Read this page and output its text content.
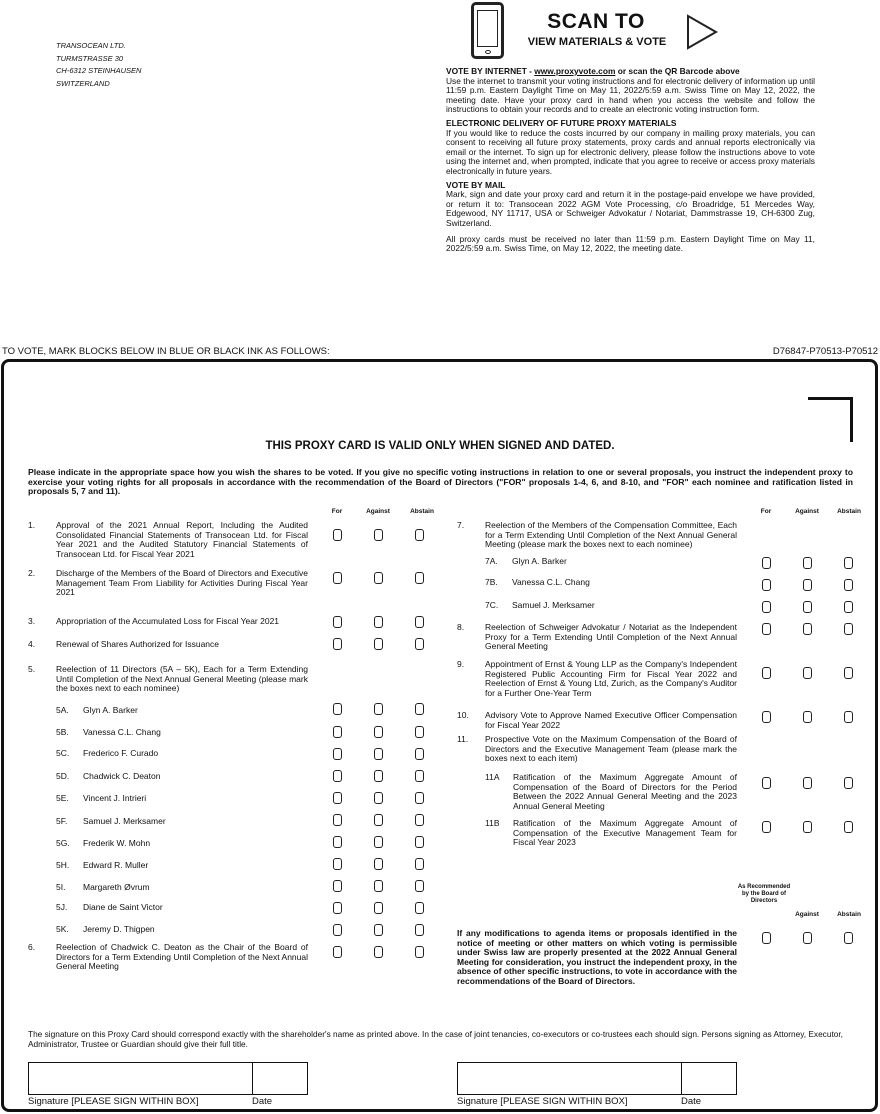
TRANSOCEAN LTD.
TURMSTRASSE 30
CH-6312 STEINHAUSEN
SWITZERLAND
SCAN TO
VIEW MATERIALS & VOTE
VOTE BY INTERNET - www.proxyvote.com or scan the QR Barcode above
Use the internet to transmit your voting instructions and for electronic delivery of information up until 11:59 p.m. Eastern Daylight Time on May 11, 2022/5:59 a.m. Swiss Time on May 12, 2022, the meeting date. Have your proxy card in hand when you access the website and follow the instructions to obtain your records and to create an electronic voting instruction form.
ELECTRONIC DELIVERY OF FUTURE PROXY MATERIALS
If you would like to reduce the costs incurred by our company in mailing proxy materials, you can consent to receiving all future proxy statements, proxy cards and annual reports electronically via email or the internet. To sign up for electronic delivery, please follow the instructions above to vote using the internet and, when prompted, indicate that you agree to receive or access proxy materials electronically in future years.
VOTE BY MAIL
Mark, sign and date your proxy card and return it in the postage-paid envelope we have provided, or return it to: Transocean 2022 AGM Vote Processing, c/o Broadridge, 51 Mercedes Way, Edgewood, NY 11717, USA or Schweiger Advokatur / Notariat, Dammstrasse 19, CH-6300 Zug, Switzerland.
All proxy cards must be received no later than 11:59 p.m. Eastern Daylight Time on May 11, 2022/5:59 a.m. Swiss Time, on May 12, 2022, the meeting date.
TO VOTE, MARK BLOCKS BELOW IN BLUE OR BLACK INK AS FOLLOWS:	D76847-P70513-P70512
THIS PROXY CARD IS VALID ONLY WHEN SIGNED AND DATED.
Please indicate in the appropriate space how you wish the shares to be voted. If you give no specific voting instructions in relation to one or several proposals, you instruct the independent proxy to exercise your voting rights for all proposals in accordance with the recommendation of the Board of Directors ("FOR" proposals 1-4, 6, and 8-10, and "FOR" each nominee and ratification listed in proposals 5, 7 and 11).
For	Against	Abstain	For	Against	Abstain
1. Approval of the 2021 Annual Report, Including the Audited Consolidated Financial Statements of Transocean Ltd. for Fiscal Year 2021 and the Audited Statutory Financial Statements of Transocean Ltd. for Fiscal Year 2021
2. Discharge of the Members of the Board of Directors and Executive Management Team From Liability for Activities During Fiscal Year 2021
3. Appropriation of the Accumulated Loss for Fiscal Year 2021
4. Renewal of Shares Authorized for Issuance
5. Reelection of 11 Directors (5A – 5K), Each for a Term Extending Until Completion of the Next Annual General Meeting (please mark the boxes next to each nominee)
5A. Glyn A. Barker
5B. Vanessa C.L. Chang
5C. Frederico F. Curado
5D. Chadwick C. Deaton
5E. Vincent J. Intrieri
5F. Samuel J. Merksamer
5G. Frederik W. Mohn
5H. Edward R. Muller
5I. Margareth Øvrum
5J. Diane de Saint Victor
5K. Jeremy D. Thigpen
6. Reelection of Chadwick C. Deaton as the Chair of the Board of Directors for a Term Extending Until Completion of the Next Annual General Meeting
7. Reelection of the Members of the Compensation Committee, Each for a Term Extending Until Completion of the Next Annual General Meeting (please mark the boxes next to each nominee)
7A. Glyn A. Barker
7B. Vanessa C.L. Chang
7C. Samuel J. Merksamer
8. Reelection of Schweiger Advokatur / Notariat as the Independent Proxy for a Term Extending Until Completion of the Next Annual General Meeting
9. Appointment of Ernst & Young LLP as the Company's Independent Registered Public Accounting Firm for Fiscal Year 2022 and Reelection of Ernst & Young Ltd, Zurich, as the Company's Auditor for a Further One-Year Term
10. Advisory Vote to Approve Named Executive Officer Compensation for Fiscal Year 2022
11. Prospective Vote on the Maximum Compensation of the Board of Directors and the Executive Management Team (please mark the boxes next to each item)
11A Ratification of the Maximum Aggregate Amount of Compensation of the Board of Directors for the Period Between the 2022 Annual General Meeting and the 2023 Annual General Meeting
11B Ratification of the Maximum Aggregate Amount of Compensation of the Executive Management Team for Fiscal Year 2023
As Recommended by the Board of Directors
Against	Abstain
If any modifications to agenda items or proposals identified in the notice of meeting or other matters on which voting is permissible under Swiss law are properly presented at the 2022 Annual General Meeting for consideration, you instruct the independent proxy, in the absence of other specific instructions, to vote in accordance with the recommendations of the Board of Directors.
The signature on this Proxy Card should correspond exactly with the shareholder's name as printed above. In the case of joint tenancies, co-executors or co-trustees each should sign. Persons signing as Attorney, Executor, Administrator, Trustee or Guardian should give their full title.
Signature [PLEASE SIGN WITHIN BOX]	Date	Signature [PLEASE SIGN WITHIN BOX]	Date
